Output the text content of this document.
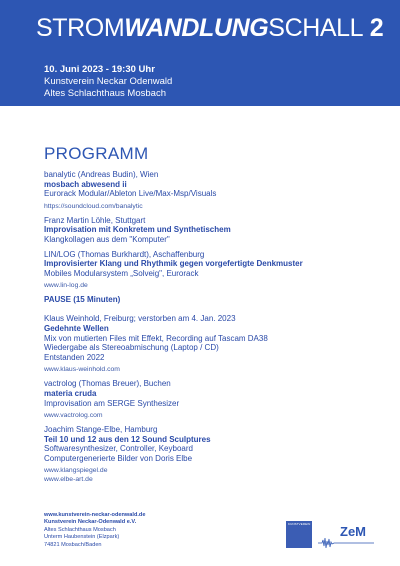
STROMWANDLUNGSCHALL 2
10. Juni 2023 - 19:30 Uhr
Kunstverein Neckar Odenwald
Altes Schlachthaus Mosbach
PROGRAMM
banalytic (Andreas Budin), Wien
mosbach abwesend ii
Eurorack Modular/Ableton Live/Max-Msp/Visuals
https://soundcloud.com/banalytic
Franz Martin Löhle, Stuttgart
Improvisation mit Konkretem und Synthetischem
Klangkollagen aus dem "Komputer"
LIN/LOG (Thomas Burkhardt), Aschaffenburg
Improvisierter Klang und Rhythmik gegen vorgefertigte Denkmuster
Mobiles Modularsystem „Solveig", Eurorack
www.lin-log.de
PAUSE (15 Minuten)
Klaus Weinhold, Freiburg; verstorben am 4. Jan. 2023
Gedehnte Wellen
Mix von mutierten Files mit Effekt, Recording auf Tascam DA38
Wiedergabe als Stereoabmischung (Laptop / CD)
Entstanden 2022
www.klaus-weinhold.com
vactrolog (Thomas Breuer), Buchen
materia cruda
Improvisation am SERGE Synthesizer
www.vactrolog.com
Joachim Stange-Elbe, Hamburg
Teil 10 und 12 aus den 12 Sound Sculptures
Softwaresynthesizer, Controller, Keyboard
Computergenerierte Bilder von Doris Elbe
www.klangspiegel.de
www.elbe-art.de
www.kunstverein-neckar-odenwald.de
Kunstverein Neckar-Odenwald e.V.
Altes Schlachthaus Mosbach
Unterm Haubenstein (Elzpark)
74821 Mosbach/Baden
KUNSTVEREIN ZeM
